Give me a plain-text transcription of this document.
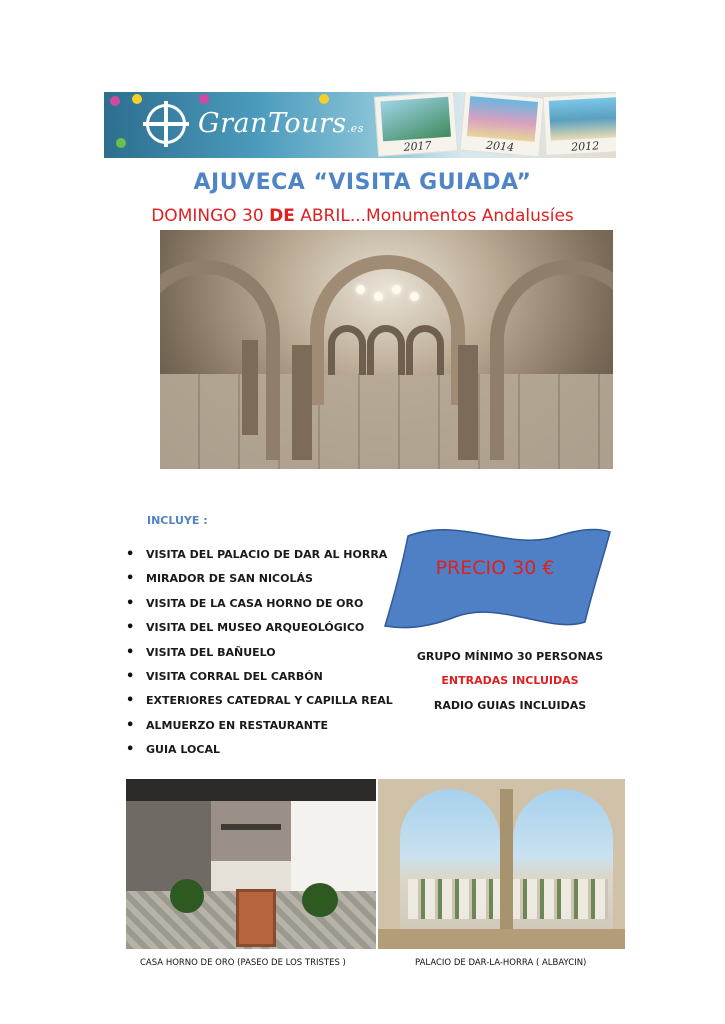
GranTours.es
2017	2014	2012
AJUVECA “VISITA GUIADA”
DOMINGO 30 DE ABRIL...Monumentos Andalusíes
INCLUYE :
• VISITA DEL PALACIO DE DAR AL HORRA
• MIRADOR DE SAN NICOLÁS
• VISITA DE LA CASA HORNO DE ORO
• VISITA DEL MUSEO ARQUEOLÓGICO
• VISITA DEL BAÑUELO
• VISITA CORRAL DEL CARBÓN
• EXTERIORES CATEDRAL Y CAPILLA REAL
• ALMUERZO EN RESTAURANTE
• GUIA LOCAL
PRECIO 30 €
GRUPO MÍNIMO 30 PERSONAS
ENTRADAS INCLUIDAS
RADIO GUIAS INCLUIDAS
CASA HORNO DE ORO (PASEO DE LOS TRISTES )	PALACIO DE DAR-LA-HORRA ( ALBAYCIN)
